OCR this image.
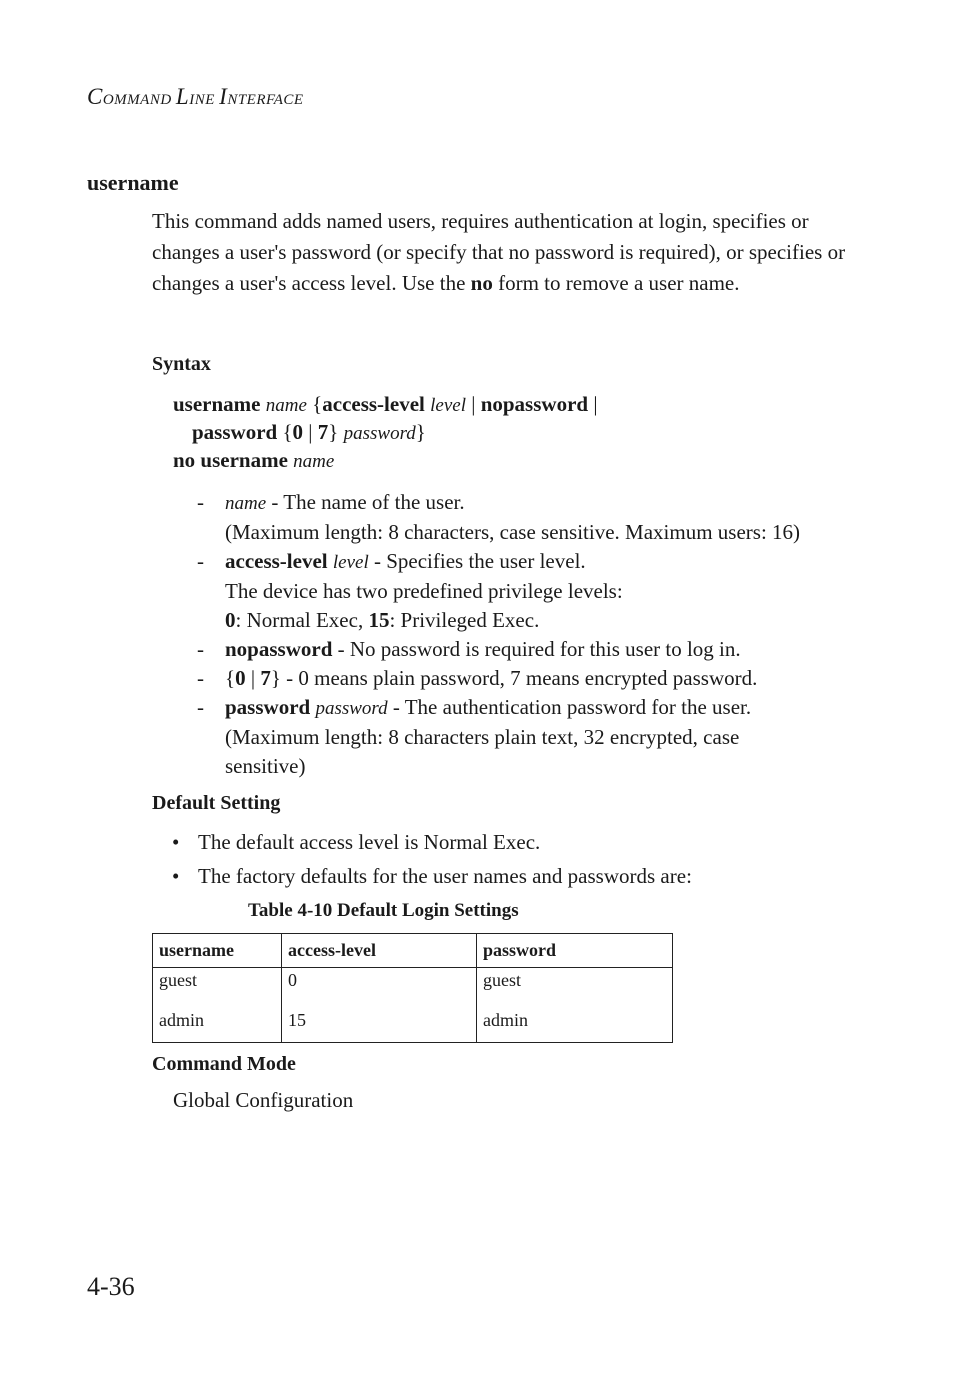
COMMAND LINE INTERFACE
username
This command adds named users, requires authentication at login, specifies or changes a user's password (or specify that no password is required), or specifies or changes a user's access level. Use the no form to remove a user name.
Syntax
username name {access-level level | nopassword |
password {0 | 7} password}
no username name
-	name - The name of the user.
(Maximum length: 8 characters, case sensitive. Maximum users: 16)
-	access-level level - Specifies the user level.
The device has two predefined privilege levels:
0: Normal Exec, 15: Privileged Exec.
-	nopassword - No password is required for this user to log in.
-	{0 | 7} - 0 means plain password, 7 means encrypted password.
-	password password - The authentication password for the user.
(Maximum length: 8 characters plain text, 32 encrypted, case
sensitive)
Default Setting
• The default access level is Normal Exec.
• The factory defaults for the user names and passwords are:
Table 4-10 Default Login Settings
username	access-level	password
guest	0	guest
admin	15	admin
Command Mode
Global Configuration
4-36
